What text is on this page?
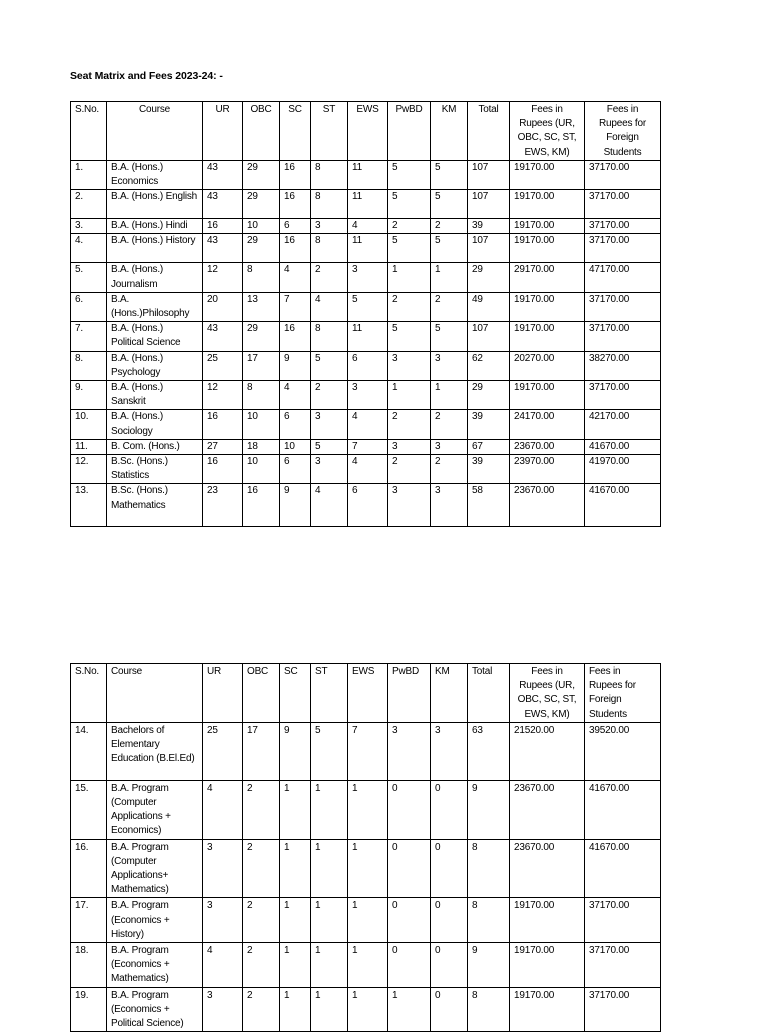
Seat Matrix and Fees 2023-24: -
S.No.	Course	UR	OBC	SC	ST	EWS	PwBD	KM	Total	Fees in Rupees (UR, OBC, SC, ST, EWS, KM)	Fees in Rupees for Foreign Students
1.	B.A. (Hons.) Economics	43	29	16	8	11	5	5	107	19170.00	37170.00
2.	B.A. (Hons.) English	43	29	16	8	11	5	5	107	19170.00	37170.00
3.	B.A. (Hons.) Hindi	16	10	6	3	4	2	2	39	19170.00	37170.00
4.	B.A. (Hons.) History	43	29	16	8	11	5	5	107	19170.00	37170.00
5.	B.A. (Hons.) Journalism	12	8	4	2	3	1	1	29	29170.00	47170.00
6.	B.A. (Hons.)Philosophy	20	13	7	4	5	2	2	49	19170.00	37170.00
7.	B.A. (Hons.) Political Science	43	29	16	8	11	5	5	107	19170.00	37170.00
8.	B.A. (Hons.) Psychology	25	17	9	5	6	3	3	62	20270.00	38270.00
9.	B.A. (Hons.) Sanskrit	12	8	4	2	3	1	1	29	19170.00	37170.00
10.	B.A. (Hons.) Sociology	16	10	6	3	4	2	2	39	24170.00	42170.00
11.	B. Com. (Hons.)	27	18	10	5	7	3	3	67	23670.00	41670.00
12.	B.Sc. (Hons.) Statistics	16	10	6	3	4	2	2	39	23970.00	41970.00
13.	B.Sc. (Hons.) Mathematics	23	16	9	4	6	3	3	58	23670.00	41670.00
S.No.	Course	UR	OBC	SC	ST	EWS	PwBD	KM	Total	Fees in Rupees (UR, OBC, SC, ST, EWS, KM)	Fees in Rupees for Foreign Students
14.	Bachelors of Elementary Education (B.El.Ed)	25	17	9	5	7	3	3	63	21520.00	39520.00
15.	B.A. Program (Computer Applications + Economics)	4	2	1	1	1	0	0	9	23670.00	41670.00
16.	B.A. Program (Computer Applications+ Mathematics)	3	2	1	1	1	0	0	8	23670.00	41670.00
17.	B.A. Program (Economics + History)	3	2	1	1	1	0	0	8	19170.00	37170.00
18.	B.A. Program (Economics + Mathematics)	4	2	1	1	1	0	0	9	19170.00	37170.00
19.	B.A. Program (Economics + Political Science)	3	2	1	1	1	1	0	8	19170.00	37170.00
